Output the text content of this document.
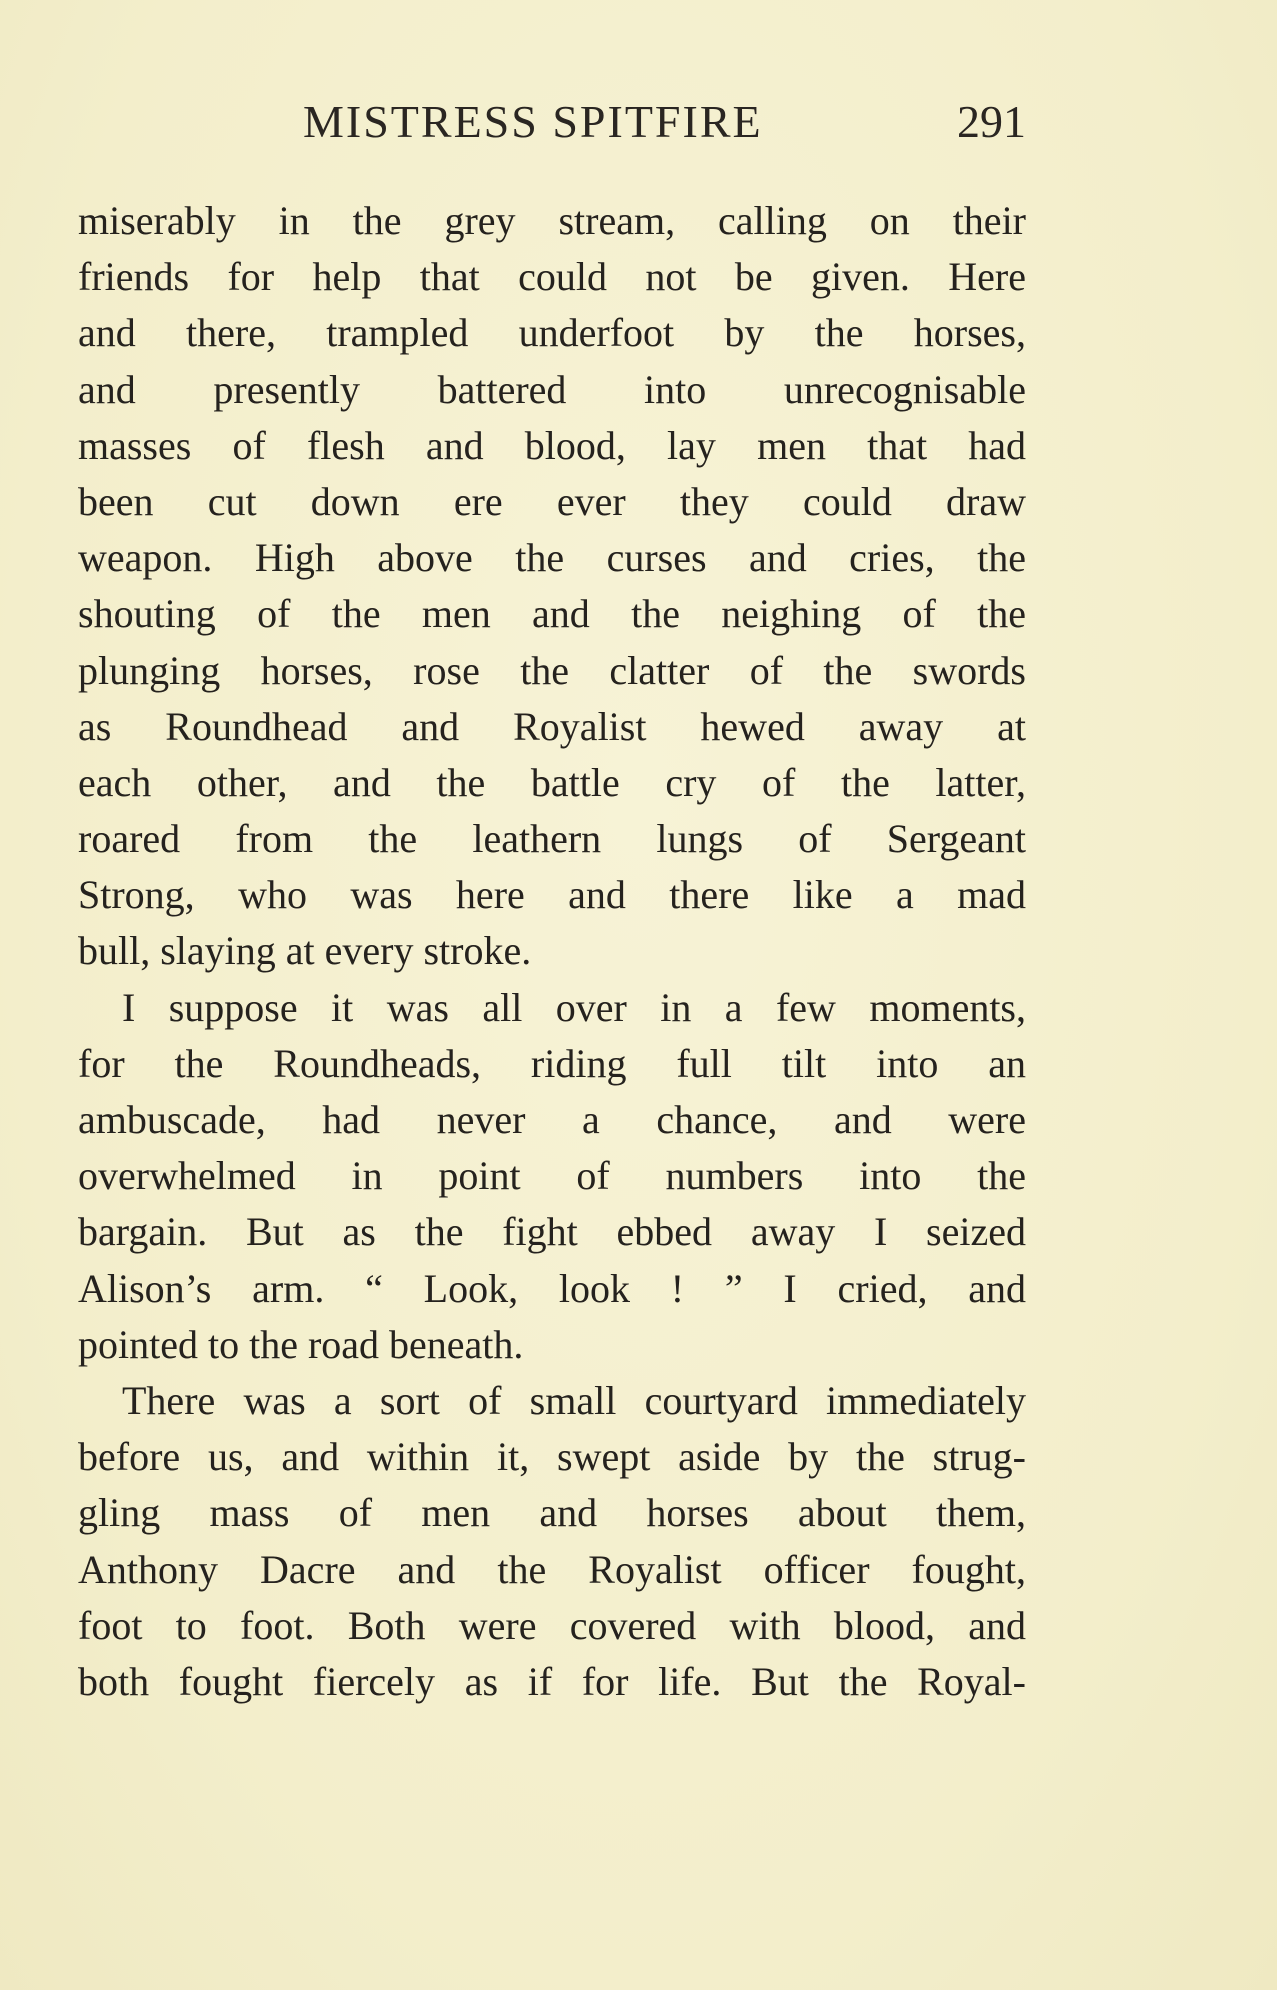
MISTRESS SPITFIRE	291
miserably in the grey stream, calling on their
friends for help that could not be given. Here
and there, trampled underfoot by the horses,
and presently battered into unrecognisable
masses of flesh and blood, lay men that had
been cut down ere ever they could draw
weapon. High above the curses and cries, the
shouting of the men and the neighing of the
plunging horses, rose the clatter of the swords
as Roundhead and Royalist hewed away at
each other, and the battle cry of the latter,
roared from the leathern lungs of Sergeant
Strong, who was here and there like a mad
bull, slaying at every stroke.
I suppose it was all over in a few moments,
for the Roundheads, riding full tilt into an
ambuscade, had never a chance, and were
overwhelmed in point of numbers into the
bargain. But as the fight ebbed away I seized
Alison’s arm. “ Look, look ! ” I cried, and
pointed to the road beneath.
There was a sort of small courtyard immediately
before us, and within it, swept aside by the strug-
gling mass of men and horses about them,
Anthony Dacre and the Royalist officer fought,
foot to foot. Both were covered with blood, and
both fought fiercely as if for life. But the Royal-
